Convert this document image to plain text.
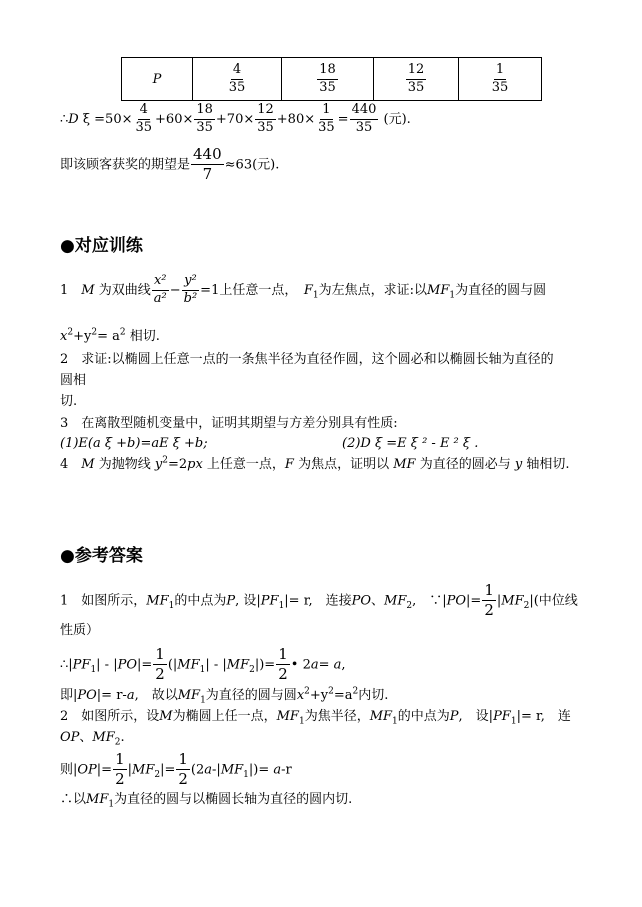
P	$\frac{4}{35}$	$\frac{18}{35}$	$\frac{12}{35}$	$\frac{1}{35}$
∴D $\xi =50\times \frac{4}{35} +60\times \frac{18}{35} +70\times \frac{12}{35} +80\times \frac{1}{35} = \frac{440}{35}$ (元).
即该顾客获奖的期望是 $\frac{440}{7} \approx 63$(元).
●对应训练
1　 M 为双曲线 $\frac{\text{x²}}{\text{a²}} - \frac{\text{y²}}{\text{b²}} =1$上任意一点，　 $F_1$为左焦点，求证:以$MF_1$为直径的圆与圆
$x^2+y^2= a^2$ 相切.
2　求证:以椭圆上任意一点的一条焦半径为直径作圆，这个圆必和以椭圆长轴为直径的
圆相
切.
3　在离散型随机变量中，证明其期望与方差分别具有性质:
(1)E(a ξ +b)=aE ξ +b;	(2)D ξ =E ξ ² - E ² ξ .
4　M 为抛物线 $y^2=2px$ 上任意一点，F 为焦点，证明以 MF 为直径的圆必与 y 轴相切.
●参考答案
1　如图所示，$MF_1$的中点为P, 设$|PF_1|= r$,　连接PO、$MF_2$,　∵|PO|= $\frac{1}{2} |MF_2|$(中位线
性质）
$\therefore|PF_1| - |PO|= \frac{1}{2} (|MF_1| - |MF_2|)= \frac{1}{2}$ • 2a= a,
即|PO|= r-a,　故以$MF_1$为直径的圆与圆$x^2+y^2=a^2$内切.
2　如图所示，设M为椭圆上任一点，$MF_1$为焦半径，$MF_1$的中点为P,　设$|PF_1|= r$,　连
OP、$MF_2$.
则$|OP|= \frac{1}{2} |MF_2|= \frac{1}{2} (2a-|MF_1|)= a-r$
∴以$MF_1$为直径的圆与以椭圆长轴为直径的圆内切.
